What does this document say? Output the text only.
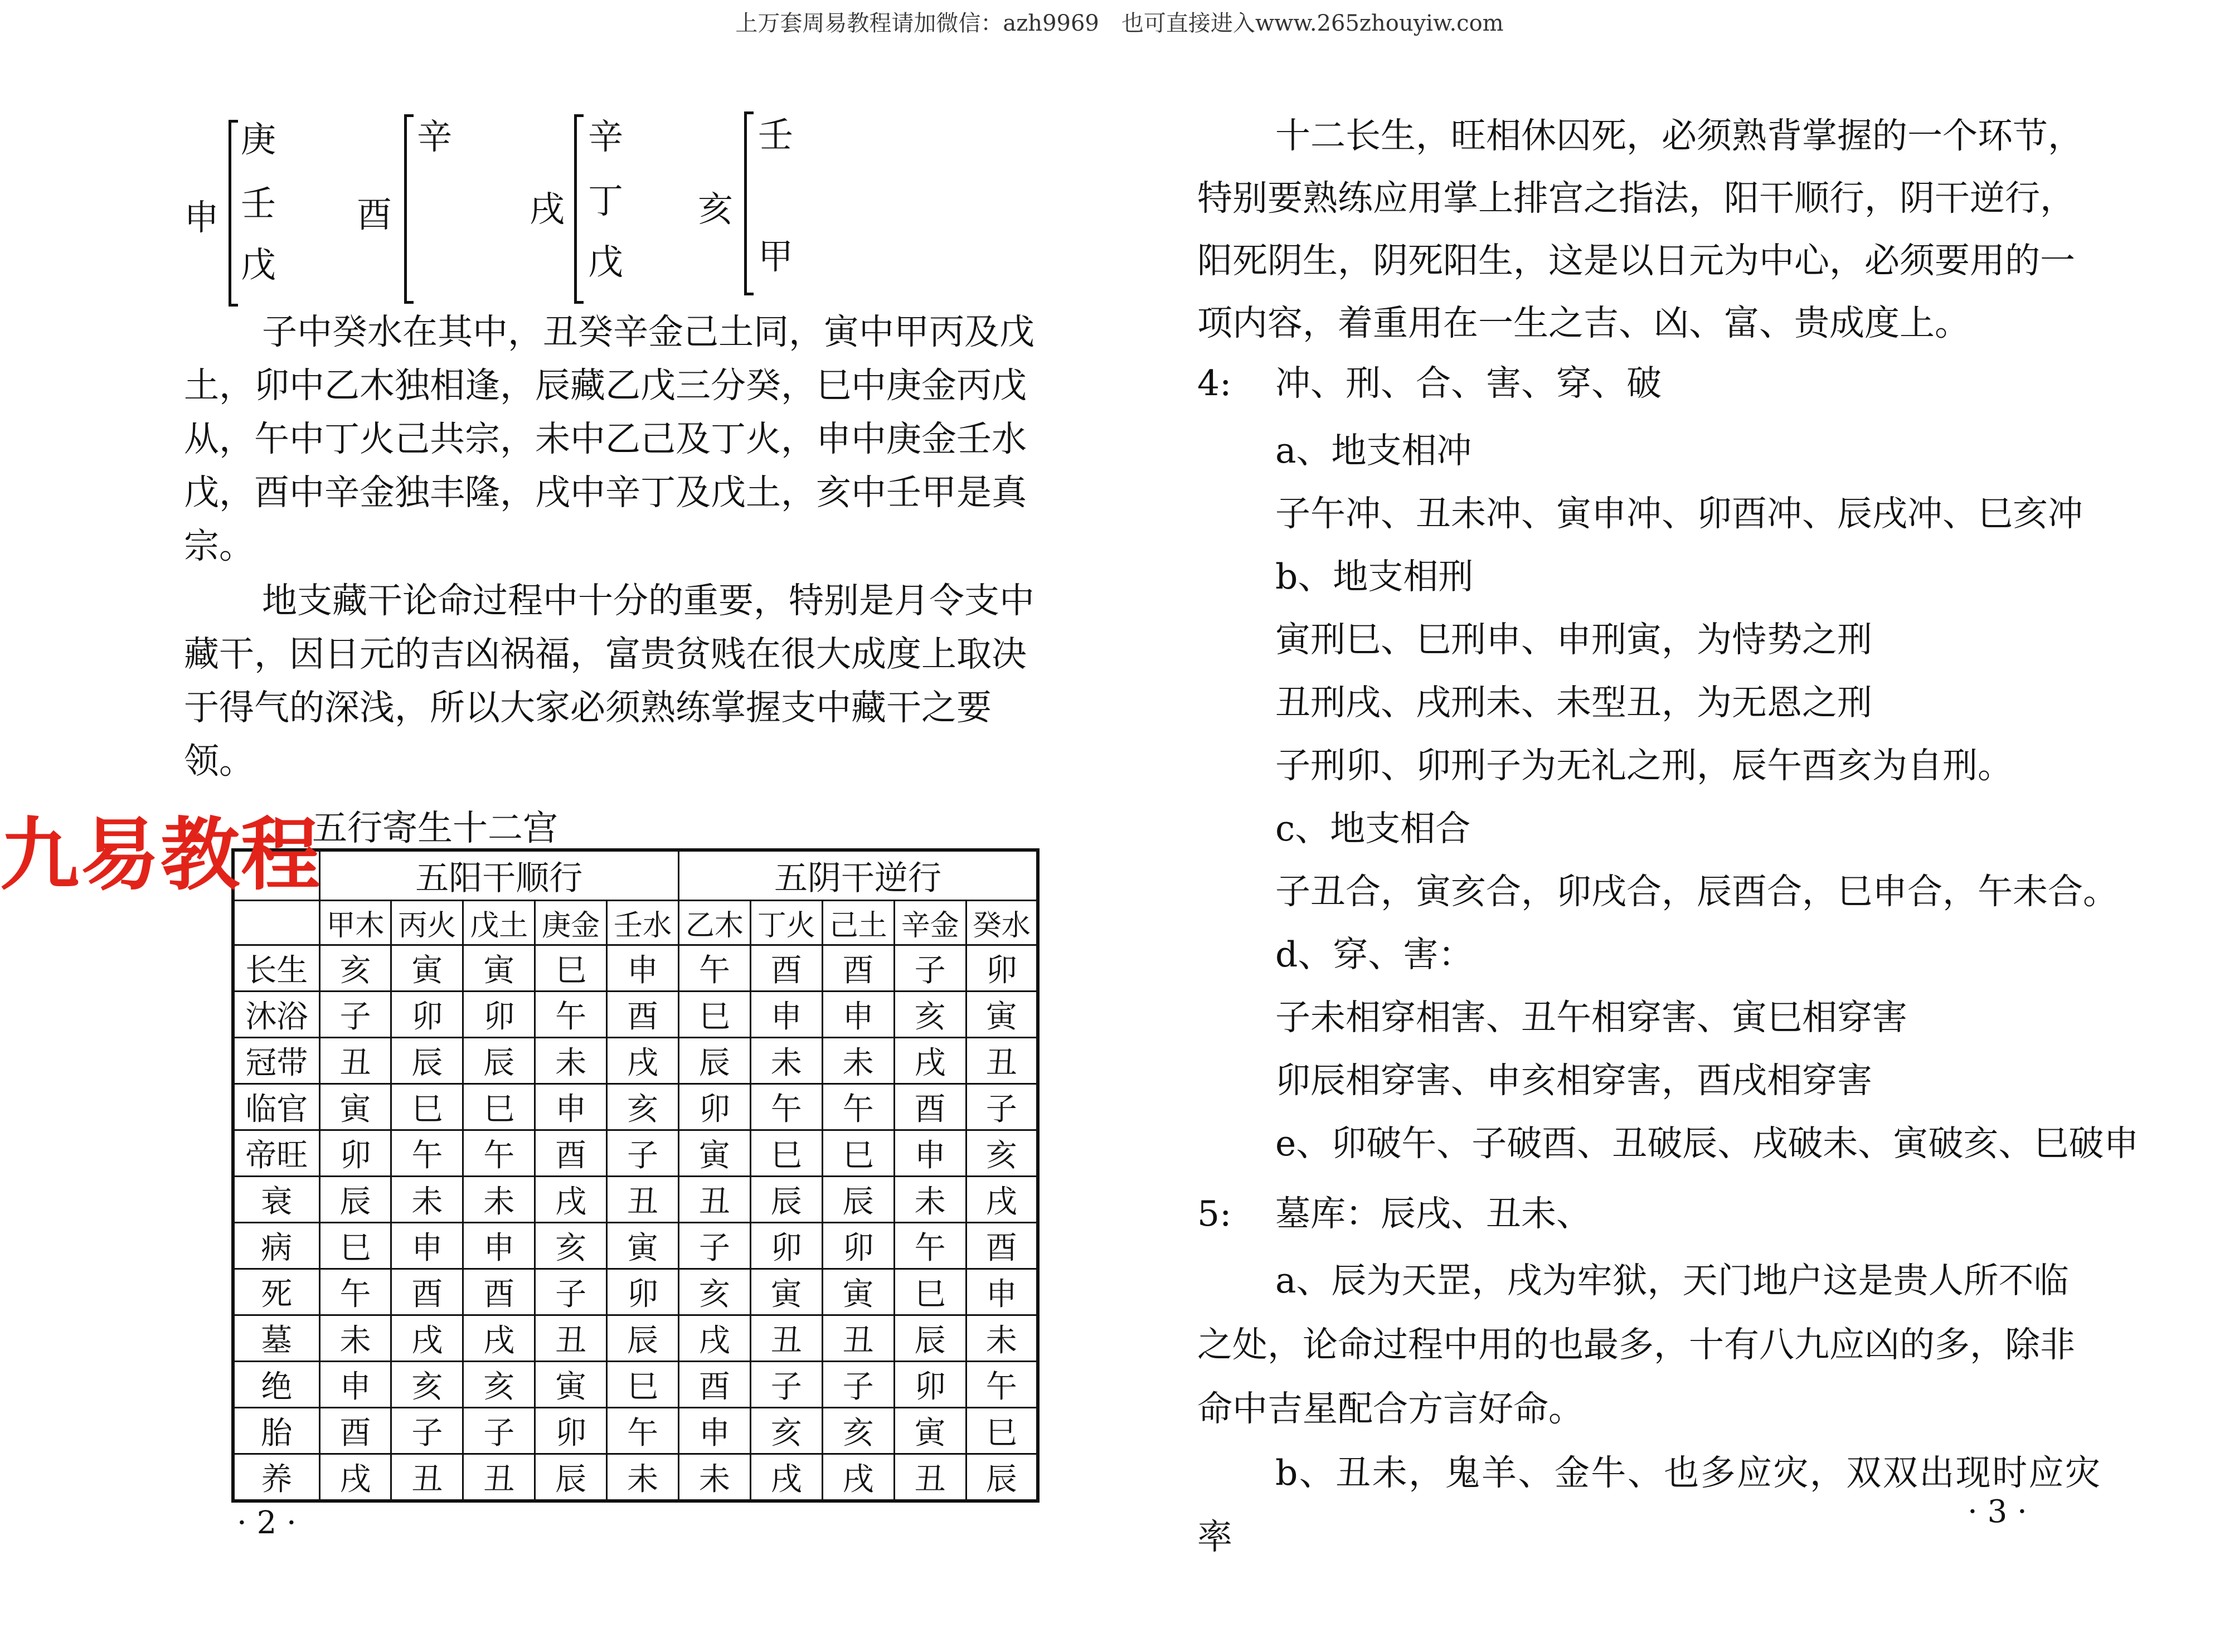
上万套周易教程请加微信：azh9969　也可直接进入www.265zhouyiw.com
申
庚
壬
戊
酉
辛
戌
辛
丁
戊
亥
壬
甲
子中癸水在其中，丑癸辛金己土同，寅中甲丙及戊
土，卯中乙木独相逢，辰藏乙戊三分癸，巳中庚金丙戊
从，午中丁火己共宗，未中乙己及丁火，申中庚金壬水
戊，酉中辛金独丰隆，戌中辛丁及戊土，亥中壬甲是真
宗。
地支藏干论命过程中十分的重要，特别是月令支中
藏干，因日元的吉凶祸福，富贵贫贱在很大成度上取决
于得气的深浅，所以大家必须熟练掌握支中藏干之要
领。
五行寄生十二宫
	五阳干顺行					五阴干逆行				
	甲木	丙火	戊土	庚金	壬水	乙木	丁火	己土	辛金	癸水
长生	亥	寅	寅	巳	申	午	酉	酉	子	卯
沐浴	子	卯	卯	午	酉	巳	申	申	亥	寅
冠带	丑	辰	辰	未	戌	辰	未	未	戌	丑
临官	寅	巳	巳	申	亥	卯	午	午	酉	子
帝旺	卯	午	午	酉	子	寅	巳	巳	申	亥
衰	辰	未	未	戌	丑	丑	辰	辰	未	戌
病	巳	申	申	亥	寅	子	卯	卯	午	酉
死	午	酉	酉	子	卯	亥	寅	寅	巳	申
墓	未	戌	戌	丑	辰	戌	丑	丑	辰	未
绝	申	亥	亥	寅	巳	酉	子	子	卯	午
胎	酉	子	子	卯	午	申	亥	亥	寅	巳
养	戌	丑	丑	辰	未	未	戌	戌	丑	辰
· 2 ·
九易教程
十二长生，旺相休囚死，必须熟背掌握的一个环节，
特别要熟练应用掌上排宫之指法，阳干顺行，阴干逆行，
阳死阴生，阴死阳生，这是以日元为中心，必须要用的一
项内容，着重用在一生之吉、凶、富、贵成度上。
4: 冲、刑、合、害、穿、破
a、地支相冲
子午冲、丑未冲、寅申冲、卯酉冲、辰戌冲、巳亥冲
b、地支相刑
寅刑巳、巳刑申、申刑寅，为恃势之刑
丑刑戌、戌刑未、未型丑，为无恩之刑
子刑卯、卯刑子为无礼之刑，辰午酉亥为自刑。
c、地支相合
子丑合，寅亥合，卯戌合，辰酉合，巳申合，午未合。
d、穿、害：
子未相穿相害、丑午相穿害、寅巳相穿害
卯辰相穿害、申亥相穿害，酉戌相穿害
e、卯破午、子破酉、丑破辰、戌破未、寅破亥、巳破申
5: 墓库：辰戌、丑未、
a、辰为天罡，戌为牢狱，天门地户这是贵人所不临
之处，论命过程中用的也最多，十有八九应凶的多，除非
命中吉星配合方言好命。
b、丑未，鬼羊、金牛、也多应灾，双双出现时应灾率
· 3 ·
